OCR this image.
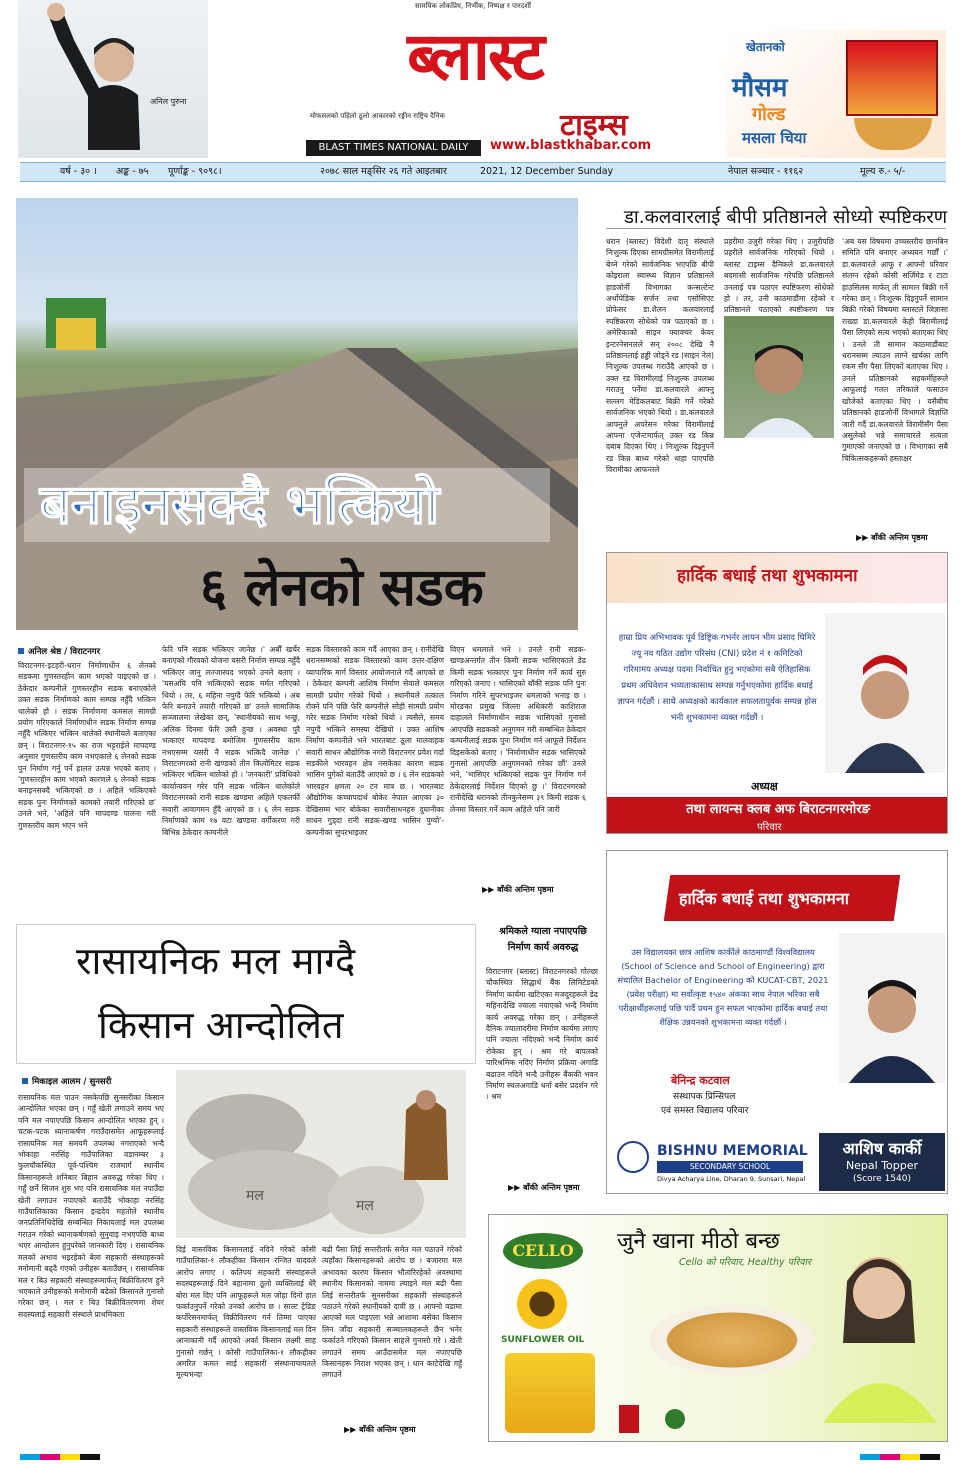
अनिल पुरुना
सामयिक लोकप्रिय, निर्भीक, निष्पक्ष र पारदर्शी
ब्लास्ट
टाइम्स
मोफसलको पहिलो ठूलो आकारको रङ्गीन राष्ट्रिय दैनिक
BLAST TIMES NATIONAL DAILY	www.blastkhabar.com
खेतानको
मौसम
गोल्ड
मसला चिया
वर्ष - ३० । अङ्क - ७५ पूर्णाङ्क - ९०९८।	२०७८ साल मङ्सिर २६ गते आइतबार	2021, 12 December Sunday	नेपाल सञ्चार - ११६२	मूल्य रु.- ५/-
बनाइनसक्दै भत्कियो
६ लेनको सडक
अनिल श्रेष्ठ / विराटनगर
विराटनगर-इटहरी-धरान निर्माणाधीन ६ लेनको सडकमा गुणस्तरहीन काम भएको पाइएको छ । ठेकेदार कम्पनीले गुणस्तरहीन सडक बनाएकोले उक्त सडक निर्माणको काम सम्पन्न नहुँदै भत्किन थालेको हो । सडक निर्माणमा कमसल सामग्री प्रयोग गरिएकाले निर्माणाधीन सडक निर्माण सम्पन्न नहुँदै भत्किएर भत्किन थालेको स्थानीयले बताएका छन् । विराटनगर-१५ का राज भट्टराईले मापदण्ड अनुसार गुणस्तरीय काम नभएकाले ६ लेनको सडक पुन निर्माण गर्नु पर्ने हालत उत्पन्न भएको बताए । 'गुणस्तरहीन काम भएको कारणले ६ लेनको सडक बनाइनसक्दै भत्किएको छ । अहिले भत्किएको सडक पुनः निर्माणको कामको तयारी गरिएको छ' उनले भने, 'अहिले पनि मापदण्ड पालना गरी गुणस्तरीय काम भएन भने
फेरि पनि सडक भत्किएर जानेछ ।' अर्बौं खर्चेर बनाएको गौरवको योजना यसरी निर्माण सम्पन्न नहुँदै भत्किएर जानु लज्जास्पद भएको उनले बताए । 'यसअघि पनि भत्किएको सडक मर्मत गरिएको थियो । तर, ६ महिना नपुग्दै फेरि भत्कियो । अब फेरि बनाउने तयारी गरिएको छ' उनले सामाजिक सञ्जालमा लेखेका छन्, 'स्थानीयको साथ भन्छु, अलिक दिनमा फेरि उस्तै हुन्छ । अवस्था पुरै भत्काएर मापदण्ड बमोजिम गुणस्तरीय काम नभएसम्म यसरी नै सडक भत्किदै जानेछ ।' विराटनगरको रानी खण्डको तीन किलोमिटर सडक भत्किएर भत्किन थालेको हो । 'जनकारी' प्रविधिको कार्यान्वयन गरेर पनि सडक भत्किन थालेकोले विराटनगरको रानी सडक खण्डमा अहिले एकतर्फी सवारी आवागमन हुँदै आएको छ । ६ लेन सडक निर्माणको काम १७ वटा खण्डमा वर्गीकरण गरी बिभिन्न ठेकेदार कम्पनीले
सडक विस्तारको काम गर्दै आएका छन् । रानीदेखि धरानसम्मको सडक विस्तारको काम उत्तर-दक्षिण व्यापारिक मार्ग विस्तार आयोजनाले गर्दै आएको छ । ठेकेदार कम्पनी आशिष निर्माण सेवाले कमसल सामग्री प्रयोग गरेको थियो । स्थानीयले तत्काल रोक्ने पनि पछि फेरि कम्पनीले सोही सामग्री प्रयोग गरेर सडक निर्माण गरेको थियो । त्यसैले, समय नपुग्दै भत्किने समस्या देखियो । उक्त आशिष निर्माण कम्पनीले भने भारतबाट ठूला मालवाहक सवारी साधन औद्योगिक नगरी विराटनगर प्रवेश गर्दा सडकीले भारवहन क्षेत्र नसकेका कारण सडक भासिन पुगेको बताउँदै आएको छ । ६ लेन सडकको भारवहन क्षमता २० टन मात्र छ । भारतबाट औद्योगिक कच्चापदार्थ बोकेर नेपाल आएका ३० देखिसम्म भार बोकेका सवारीसाधनहरु दुघानीका साधन गुड्दा रानी सडक-खण्ड भासिन पुग्यो'-कम्पनीका सुपरभाइजर
विएन धमलाले भने । उनले रानी सडक-खण्डअन्तर्गत तीन किमी सडक भासिएकाले डेढ किमी सडक भत्काएर पुनः निर्माण गर्ने कार्य सुरु गरिएको जनाए । भासिएको बाँकी सडक पनि पुनः निर्माण गरिने सुपरभाइजर धमलाको भनाइ छ । मोरङका प्रमुख जिल्ला अधिकारी काशिराज दाहालले निर्माणाधीन सडक भासिएको गुनासो आएपछि सडकको अनुगमन गरी सम्बन्धित ठेकेदार कम्पनीलाई सडक पुनः निर्माण गर्न आफूले निर्देशन दिइसकेको बताए । 'निर्माणाधीन सडक भासिएको गुनासो आएपछि अनुगमनको गरेका छौं' उनले भने, 'भासिएर भत्किएको सडक पुन निर्माण गर्न ठेकेदारलाई निर्देशन दिएको छु ।' विराटनगरको रानीदेखि धरानको तीनकुनेसम्म ३९ किमी सडक ६ लेनमा विस्तार गर्ने काम अहिले पनि जारी
▶▶ बाँकी अन्तिम पृष्ठमा
डा.कलवारलाई बीपी प्रतिष्ठानले सोध्यो स्पष्टिकरण
धरान (ब्लास्ट) विदेशी दातृ संस्थाले निःशुल्क दिएका सामग्रीसमेत विरामीलाई बेच्ने गरेको सार्वजनिक भएपछि बीपी कोइराला स्वास्थ्य विज्ञान प्रतिष्ठानले हाडजोर्नी विभागका कन्सल्टेन्ट अर्थोपेडिक सर्जन तथा एसोसिएट प्रोफेसर डा.शैलन कलवारलाई स्पष्टिकरण सोधेको पत्र पठाएको छ । अमेरिकाको साइन फ्याक्चर केयर इन्टरनेसनलले सन् २००८ देखि नै प्रतिष्ठानलाई हड्डी जोड्ने रड (साइन नेल) निःशुल्क उपलब्ध गराउँदै आएको छ । उक्त रड विरामीलाई निःशुल्क उपलब्ध गराउनु पर्नेमा डा.कलवारले आफ्नु सल्लग मेडिकलबाट बिक्री गर्ने गरेको सार्वजनिक भएको थियो । डा.कलवारले आफ्नुले अपरेसन गरेका विरामीलाई आफ्ना एजेन्टमार्फत् उक्त रड किन्न दबाब दिएका थिए । निःशुल्क दिइनुपर्ने रड किन्न बाध्य गरेको थाहा पाएपछि विरामीका आफन्तले
प्रहरीमा उजुरी गरेका थिए । उजुरीपछि प्रहरीले सार्वजनिक गरिएको थियो । ब्लास्ट टाइम्स दैनिकले डा.कलवारले बदमासी सार्वजनिक गरेपछि प्रतिष्ठानले उनलाई पत्र पठाएर स्पष्टिकरण सोधेको हो । तर, उनी काठमाडौंमा रहेको र प्रतिष्ठानले पठाएको स्पष्टीकरण पत्र
'अब यस विषयमा उच्चस्तरीय छानबिन समिति पनि बनाएर अध्ययन गर्छौं ।' डा.कलवारले आफू र आफ्नो परिवार संलग्न रहेको कोसी सर्जिमेड र टाटा हाउसिलस मार्फत् ती सामान बिक्री गर्ने गरेका छन् । निःशुल्क दिइनुपर्ने सामान बिक्री गरेको विषयमा ब्लास्टले जिज्ञासा राख्दा डा.कलवारले केही बिरामीलाई पैसा लिएको सत्य भएको बताएका थिए । उनले ती सामान काठमाडौंबाट धरानसम्म ल्याउन लाग्ने खर्चका लागि रकम सँग पैसा लिएको बताएका थिए । उनले प्रतिष्ठानको सहकर्मीहरूले आफूलाई गलत तरिकाले फसाउन खोजेको बताएका थिए । यसैबीच प्रतिष्ठानको हाडजोर्नी विभागले विज्ञप्ति जारी गर्दै डा.कलवारले विरामीसँग पैसा असुलेको भन्ने समाचारले सत्यता गुमाएको जनाएको छ । विभागका सबै चिकित्सकहरूको हस्ताक्षर
▶▶ बाँकी अन्तिम पृष्ठमा
हार्दिक बधाई तथा शुभकामना
हाम्रा प्रिय अभिभावक पूर्व डिष्ट्रिक गभर्नर लायन भीम प्रसाद घिमिरे ज्यू नव गठित उद्योग परिसंघ (CNI) प्रदेश नं १ कमिटिको गरिमामय अध्यक्ष पदमा निर्वाचित हुनु भएकोमा सबै ऐतिहासिक प्रथम अधिवेशन भव्यताकासाथ सम्पन्न गर्नुभएकोमा हार्दिक बधाई ज्ञापन गर्दछौं । साथै अध्यक्षको कार्यकाल सफलतापूर्वक सम्पन्न होस भनी शुभकामना व्यक्त गर्दछौं ।
अध्यक्ष
तथा लायन्स क्लब अफ बिराटनगरमोरङ
परिवार
रासायनिक मल माग्दै
किसान आन्दोलित
मिकाइल आलम / सुनसरी
रासायनिक मल पाउन नसकेपछि सुनसरीका किसान आन्दोलित भएका छन् । गहुँ खेती लगाउने समय भए पनि मल नपाएपछि किसान आन्दोलित भएका हुन् । चटक-पटक ध्यानाकर्षण गराउँदासमेत आफूहरूलाई रासायनिक मल समयमै उपलब्ध नगराएको भन्दै भोकाहा नरसिंह गाउँपालिका वडानम्बर ३ फुलचौकस्थित पूर्व-पश्चिम राजमार्ग स्थानीय किसानहरूले शनिबार बिहान अवरुद्ध गरेका थिए । गहुँ छर्ने सिजन शुरु भए पनि रासायनिक मल नपाउँदा खेती लगाउन नपाएको बताउँदै भोकाहा नरसिंह गाउँपालिकाका किसान इन्द्रदेव महतोले स्थानीय जनप्रतिनिधिदेखि सम्बन्धित निकायलाई मल उपलब्ध गराउन गरेको ध्यानाकर्षणको सुनुवाइ नभएपछि बाध्य भएर आन्दोलन हुनुपरेको जानकारी दिए । रासायनिक मलको अभाव भइरहेको बेला सहकारी संस्थाहरूको मनोमानी बढ्दै गएको उनीहरू बताउँछन् । रासायनिक मल र बिउ सहकारी संस्थाहरूमार्फत् बिक्रीवितरण हुने भएकाले उनीहरूको मनोमानी बढेको किसानले गुनासो गरेका छन् । मल र बिउ बिक्रीवितरणमा शेयर सदस्यलाई सहकारी संस्थाले प्राथमिकता
मल
मल
दिई वास्तविक किसानलाई नदिने गरेको कोसी गाउँपालिका-१ लौकहीका किसान रन्जित यादवले आरोप लगाए । कतिपय सहकारी संस्थाहरूले सदस्यहरूलाई दिने बहानामा ठूलो व्यक्तिलाई धेरै बोरा मल दिए पनि आफूहरूले मल जोहा दिनो हात फर्काउनुपर्ने गरेको उनको आरोप छ । साल्ट ट्रेडिङ कर्पोरेसनमार्फत् विक्रीवितरण गर्न तिम्मा पाएका सहकारी संस्थाहरूले वास्तविक किसानलाई मल दिन आनाकानी गर्दै आएको अर्का किसान लक्ष्मी साह गुनासो गर्छन् । कोसी गाउँपालिका-१ लौकहीका अमरित कमत साई सहकारी संस्थानाचायतले मूल्यभन्दा
बढी पैसा लिई सन्तरीतर्फ समेत मल पठाउने गरेको त्यहाँका किसानहरूको आरोप छ । बजारमा मल अभावका कारण किसान भौतारिरहेको अवस्थामा स्थानीय किसानको नाममा ल्याइने मल बढी पैसा लिई सन्तरीतर्फ सुनसरीका सहकारी संस्थाहरूले पठाउने गरेको स्थानीयको दावी छ । आफ्नो वडामा आएको मल पाइएला भन्ने आशामा बसेका किसान लिन जाँदा सहकारी सञ्चालकहरूले छैन भनेर फर्काउने गरिएको किसान साहले गुनासो गरे । खेती लगाउने समय आउँदासमेत मल नपाएपछि किसानहरू निराश भएका छन् । धान काटेदेखि गहुँ लगाउने
▶▶ बाँकी अन्तिम पृष्ठमा
श्रमिकले ग्याला नपाएपछि
निर्माण कार्य अवरुद्ध
विराटनगर (ब्लास्ट) विराटनगरको गोल्छा चौकस्थित सिद्धार्थ बैंक लिमिटेडको निर्माण कार्यमा खटिएका मजदुरहरूले डेढ महिनादेखि ज्याला नपाएको भन्दै निर्माण कार्य अवरुद्ध गरेका छन् । उनीहरूले दैनिक ज्यालादरीमा निर्माण कार्यमा लगाए पनि ज्याला नदिएको भन्दै निर्माण कार्य रोकेका हुन् । श्रम गरे बापतको पारिश्रमिक नदिए निर्माण प्रक्रिया अगाडि बढाउन नदिने भन्दै उनीहरू बैंककी भवन निर्माण स्थलअगाडि धर्ना बसेर प्रदर्शन गरे । श्रम
▶▶ बाँकी अन्तिम पृष्ठमा
हार्दिक बधाई तथा शुभकामना
उस विद्यालयका छात्र आशिष कार्कीले काठमाण्डौं विश्वविद्यालय (School of Science and School of Engineering) द्वारा संचालित Bachelor of Engineering को KUCAT-CBT, 2021 (प्रवेश परीक्षा) मा सर्वोत्कृष्ट १५४० अंकका साथ नेपाल भरिका सबै परीक्षार्थीहरूलाई पछि पार्दै प्रथम हुन सफल भएकोमा हार्दिक बधाई तथा शैक्षिक उन्नयनको शुभकामना व्यक्त गर्दछौं ।
बेनिन्द्र कटवाल
संस्थापक प्रिन्सिपल
एवं समस्त विद्यालय परिवार
BISHNU MEMORIAL
SECONDARY SCHOOL
Divya Acharya Line, Dharan 9, Sunsari, Nepal
आशिष कार्की
Nepal Topper
(Score 1540)
CELLO
SUNFLOWER OIL
जुनै खाना मीठो बन्छ
Cello को परिवार, Healthy परिवार
